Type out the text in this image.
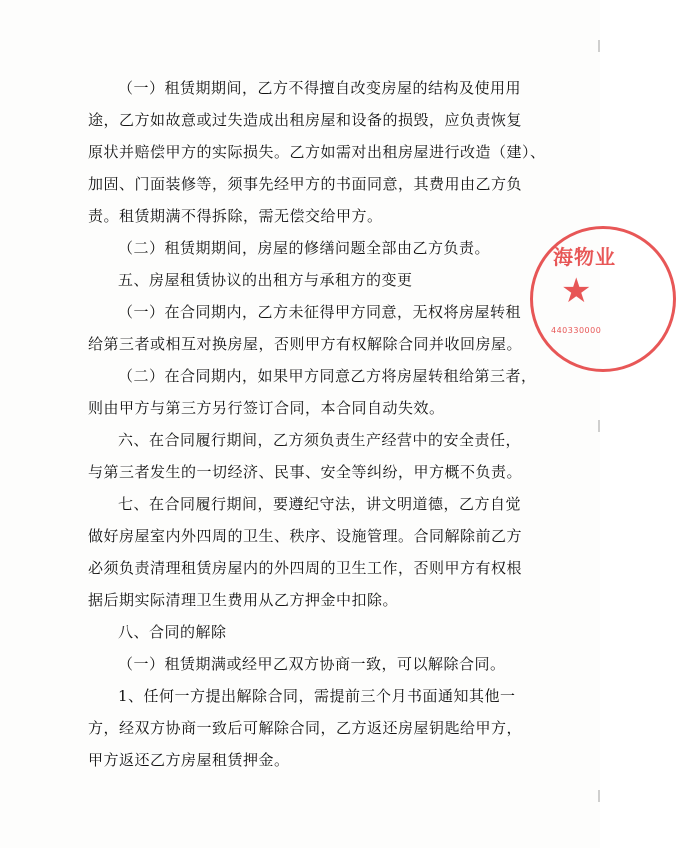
（一）租赁期期间，乙方不得擅自改变房屋的结构及使用用
途，乙方如故意或过失造成出租房屋和设备的损毁，应负责恢复
原状并赔偿甲方的实际损失。乙方如需对出租房屋进行改造（建）、
加固、门面装修等，须事先经甲方的书面同意，其费用由乙方负
责。租赁期满不得拆除，需无偿交给甲方。
（二）租赁期期间，房屋的修缮问题全部由乙方负责。
五、房屋租赁协议的出租方与承租方的变更
（一）在合同期内，乙方未征得甲方同意，无权将房屋转租
给第三者或相互对换房屋，否则甲方有权解除合同并收回房屋。
（二）在合同期内，如果甲方同意乙方将房屋转租给第三者，
则由甲方与第三方另行签订合同，本合同自动失效。
六、在合同履行期间，乙方须负责生产经营中的安全责任，
与第三者发生的一切经济、民事、安全等纠纷，甲方概不负责。
七、在合同履行期间，要遵纪守法，讲文明道德，乙方自觉
做好房屋室内外四周的卫生、秩序、设施管理。合同解除前乙方
必须负责清理租赁房屋内的外四周的卫生工作，否则甲方有权根
据后期实际清理卫生费用从乙方押金中扣除。
八、合同的解除
（一）租赁期满或经甲乙双方协商一致，可以解除合同。
1、任何一方提出解除合同，需提前三个月书面通知其他一
方，经双方协商一致后可解除合同，乙方返还房屋钥匙给甲方，
甲方返还乙方房屋租赁押金。
海物业
★
440330000
